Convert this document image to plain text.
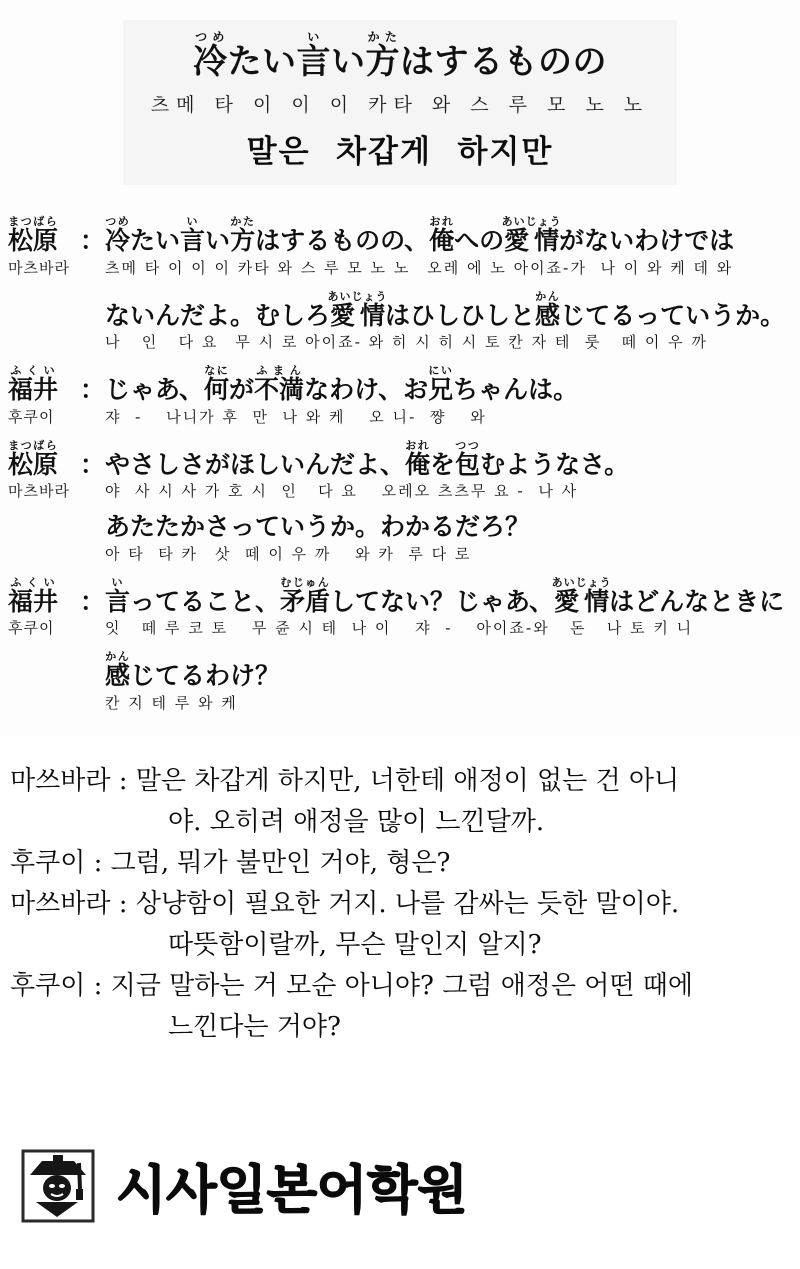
冷つめたい言いい方かたはするものの
츠메 타 이 이 이 카타 와 스 루 모 노 노
말은  차갑게  하지만
松原まつばら
： 冷つめたい言いい方かたはするものの、俺おれへの愛情あいじょうがないわけでは
마츠바라	츠메 타 이 이 이 카타 와 스 루 모 노 노　오레 에 노 아이죠-가  나 이 와 케 데 와
ないんだよ。むしろ愛情あいじょうはひしひしと感かんじてるっていうか。
나   인   다 요　무 시 로 아이죠- 와 히 시 히 시 토 칸 자 테  룻   떼 이 우 까
福井ふくい
： じゃあ、何なにが不満ふまんなわけ、お兄にいちゃんは。
후쿠이	쟈  -　 나니가 후  만  나 와 케　 오 니-  쨩　 와
松原まつばら
： やさしさがほしいんだよ、俺おれを包つつむようなさ。
마츠바라	야  사 시 사 가 호 시  인   다 요　 오레오 츠츠무 요 -  나 사
あたたかさっていうか。わかるだろ？
아 타  타 카　삿  떼 이 우 까　 와 카  루 다 로
福井ふくい
： 言いってること、矛盾むじゅんしてない？じゃあ、愛情あいじょうはどんなときに
후쿠이	잇   떼 루 코 토　 무 쥰 시 테  나 이　 쟈  -　 아이죠-와   돈   나 토 키 니
感かんじてるわけ？
칸 지 테 루 와 케
마쓰바라 : 말은 차갑게 하지만, 너한테 애정이 없는 건 아니
야. 오히려 애정을 많이 느낀달까.
후쿠이 : 그럼, 뭐가 불만인 거야, 형은?
마쓰바라 : 상냥함이 필요한 거지. 나를 감싸는 듯한 말이야.
따뜻함이랄까, 무슨 말인지 알지?
후쿠이 : 지금 말하는 거 모순 아니야? 그럼 애정은 어떤 때에
느낀다는 거야?
시사일본어학원
